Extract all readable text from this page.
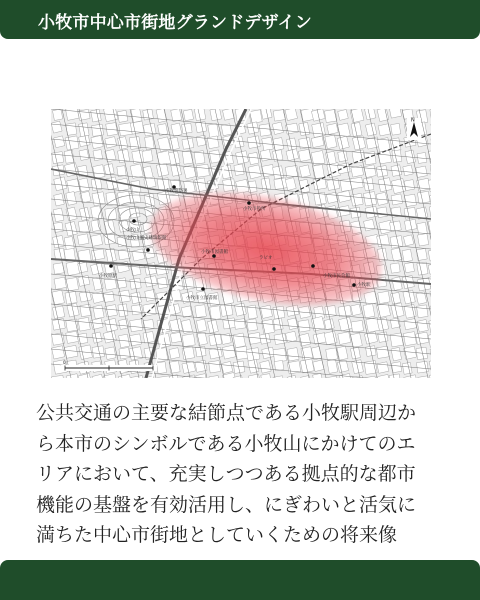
小牧市中心市街地グランドデザイン
小牧警察署
小牧市役所
小牧山
小牧山城史跡情報館
小牧市図書館
小牧市民会館
ラピオ
小牧駅
小牧市立図書館
小牧原駅
N
0

公共交通の主要な結節点である小牧駅周辺か
ら本市のシンボルである小牧山にかけてのエ
リアにおいて、充実しつつある拠点的な都市
機能の基盤を有効活用し、にぎわいと活気に
満ちた中心市街地としていくための将来像
